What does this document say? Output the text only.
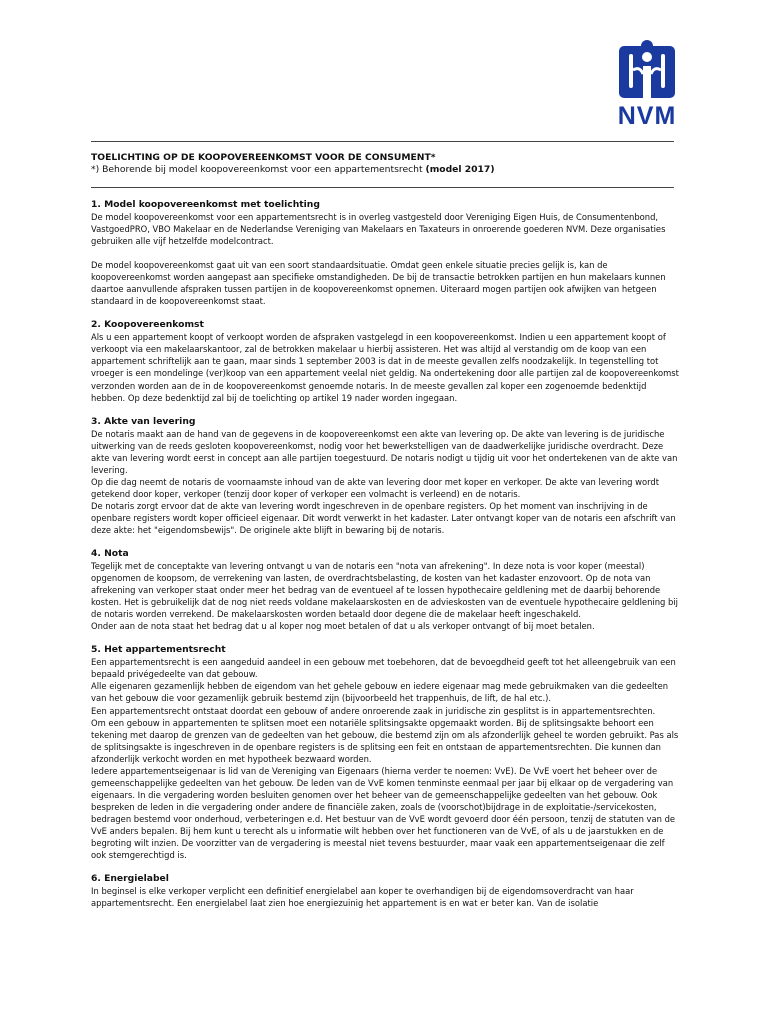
NVM

TOELICHTING OP DE KOOPOVEREENKOMST VOOR DE CONSUMENT*

*) Behorende bij model koopovereenkomst voor een appartementsrecht (model 2017)

1. Model koopovereenkomst met toelichting

De model koopovereenkomst voor een appartementsrecht is in overleg vastgesteld door Vereniging Eigen Huis, de Consumentenbond, VastgoedPRO, VBO Makelaar en de Nederlandse Vereniging van Makelaars en Taxateurs in onroerende goederen NVM. Deze organisaties gebruiken alle vijf hetzelfde modelcontract.

De model koopovereenkomst gaat uit van een soort standaardsituatie. Omdat geen enkele situatie precies gelijk is, kan de koopovereenkomst worden aangepast aan specifieke omstandigheden. De bij de transactie betrokken partijen en hun makelaars kunnen daartoe aanvullende afspraken tussen partijen in de koopovereenkomst opnemen. Uiteraard mogen partijen ook afwijken van hetgeen standaard in de koopovereenkomst staat.

2. Koopovereenkomst

Als u een appartement koopt of verkoopt worden de afspraken vastgelegd in een koopovereenkomst. Indien u een appartement koopt of verkoopt via een makelaarskantoor, zal de betrokken makelaar u hierbij assisteren. Het was altijd al verstandig om de koop van een appartement schriftelijk aan te gaan, maar sinds 1 september 2003 is dat in de meeste gevallen zelfs noodzakelijk. In tegenstelling tot vroeger is een mondelinge (ver)koop van een appartement veelal niet geldig. Na ondertekening door alle partijen zal de koopovereenkomst verzonden worden aan de in de koopovereenkomst genoemde notaris. In de meeste gevallen zal koper een zogenoemde bedenktijd hebben. Op deze bedenktijd zal bij de toelichting op artikel 19 nader worden ingegaan.

3. Akte van levering

De notaris maakt aan de hand van de gegevens in de koopovereenkomst een akte van levering op. De akte van levering is de juridische uitwerking van de reeds gesloten koopovereenkomst, nodig voor het bewerkstelligen van de daadwerkelijke juridische overdracht. Deze akte van levering wordt eerst in concept aan alle partijen toegestuurd. De notaris nodigt u tijdig uit voor het ondertekenen van de akte van levering.

Op die dag neemt de notaris de voornaamste inhoud van de akte van levering door met koper en verkoper. De akte van levering wordt getekend door koper, verkoper (tenzij door koper of verkoper een volmacht is verleend) en de notaris.

De notaris zorgt ervoor dat de akte van levering wordt ingeschreven in de openbare registers. Op het moment van inschrijving in de openbare registers wordt koper officieel eigenaar. Dit wordt verwerkt in het kadaster. Later ontvangt koper van de notaris een afschrift van deze akte: het "eigendomsbewijs". De originele akte blijft in bewaring bij de notaris.

4. Nota

Tegelijk met de conceptakte van levering ontvangt u van de notaris een "nota van afrekening". In deze nota is voor koper (meestal) opgenomen de koopsom, de verrekening van lasten, de overdrachtsbelasting, de kosten van het kadaster enzovoort. Op de nota van afrekening van verkoper staat onder meer het bedrag van de eventueel af te lossen hypothecaire geldlening met de daarbij behorende kosten. Het is gebruikelijk dat de nog niet reeds voldane makelaarskosten en de advieskosten van de eventuele hypothecaire geldlening bij de notaris worden verrekend. De makelaarskosten worden betaald door degene die de makelaar heeft ingeschakeld.

Onder aan de nota staat het bedrag dat u al koper nog moet betalen of dat u als verkoper ontvangt of bij moet betalen.

5. Het appartementsrecht

Een appartementsrecht is een aangeduid aandeel in een gebouw met toebehoren, dat de bevoegdheid geeft tot het alleengebruik van een bepaald privégedeelte van dat gebouw.

Alle eigenaren gezamenlijk hebben de eigendom van het gehele gebouw en iedere eigenaar mag mede gebruikmaken van die gedeelten van het gebouw die voor gezamenlijk gebruik bestemd zijn (bijvoorbeeld het trappenhuis, de lift, de hal etc.).

Een appartementsrecht ontstaat doordat een gebouw of andere onroerende zaak in juridische zin gesplitst is in appartementsrechten.

Om een gebouw in appartementen te splitsen moet een notariële splitsingsakte opgemaakt worden. Bij de splitsingsakte behoort een tekening met daarop de grenzen van de gedeelten van het gebouw, die bestemd zijn om als afzonderlijk geheel te worden gebruikt. Pas als de splitsingsakte is ingeschreven in de openbare registers is de splitsing een feit en ontstaan de appartementsrechten. Die kunnen dan afzonderlijk verkocht worden en met hypotheek bezwaard worden.

Iedere appartementseigenaar is lid van de Vereniging van Eigenaars (hierna verder te noemen: VvE). De VvE voert het beheer over de gemeenschappelijke gedeelten van het gebouw. De leden van de VvE komen tenminste eenmaal per jaar bij elkaar op de vergadering van eigenaars. In die vergadering worden besluiten genomen over het beheer van de gemeenschappelijke gedeelten van het gebouw. Ook bespreken de leden in die vergadering onder andere de financiële zaken, zoals de (voorschot)bijdrage in de exploitatie-/servicekosten, bedragen bestemd voor onderhoud, verbeteringen e.d. Het bestuur van de VvE wordt gevoerd door één persoon, tenzij de statuten van de VvE anders bepalen. Bij hem kunt u terecht als u informatie wilt hebben over het functioneren van de VvE, of als u de jaarstukken en de begroting wilt inzien. De voorzitter van de vergadering is meestal niet tevens bestuurder, maar vaak een appartementseigenaar die zelf ook stemgerechtigd is.

6. Energielabel

In beginsel is elke verkoper verplicht een definitief energielabel aan koper te overhandigen bij de eigendomsoverdracht van haar appartementsrecht. Een energielabel laat zien hoe energiezuinig het appartement is en wat er beter kan. Van de isolatie
